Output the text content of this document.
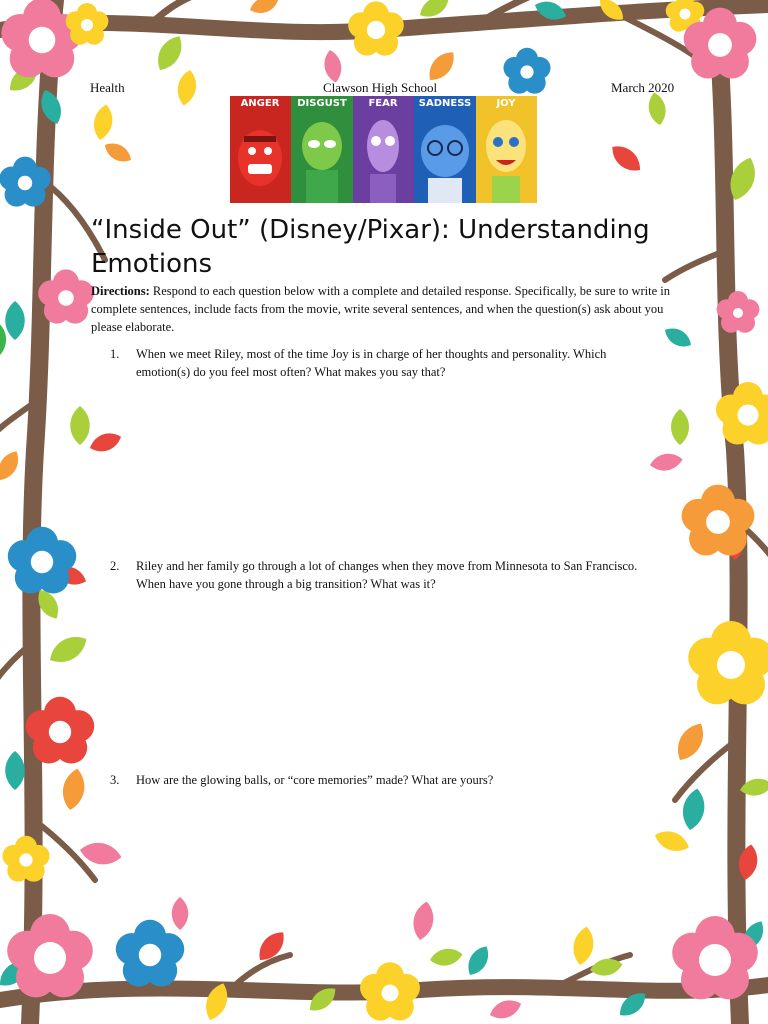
Health	Clawson High School	March 2020
ANGER DISGUST FEAR SADNESS	JOY
“Inside Out” (Disney/Pixar): Understanding Emotions

Directions: Respond to each question below with a complete and detailed response. Specifically, be sure to write in complete sentences, include facts from the movie, write several sentences, and when the question(s) ask about you please elaborate.

1.	When we meet Riley, most of the time Joy is in charge of her thoughts and personality. Which emotion(s) do you feel most often? What makes you say that?
2.	Riley and her family go through a lot of changes when they move from Minnesota to San Francisco. When have you gone through a big transition? What was it?
3.	How are the glowing balls, or “core memories” made? What are yours?
